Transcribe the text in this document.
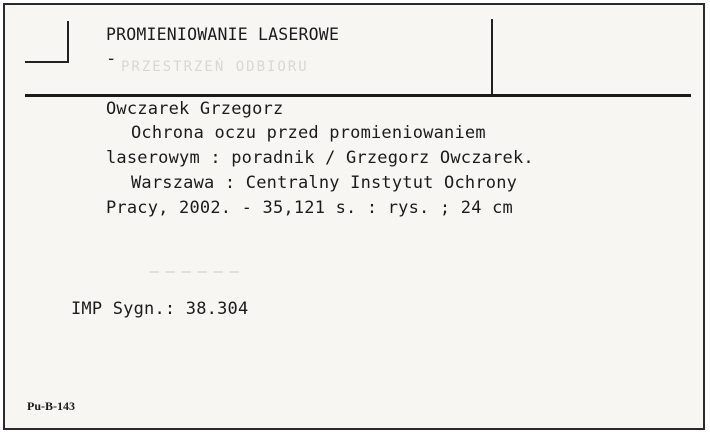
PROMIENIOWANIE LASEROWE
- PRZESTRZEŃ ODBIORU
Owczarek Grzegorz
Ochrona oczu przed promieniowaniem
laserowym : poradnik / Grzegorz Owczarek.
Warszawa : Centralny Instytut Ochrony
Pracy, 2002. - 35,121 s. : rys. ; 24 cm
IMP Sygn.: 38.304
Pu-B-143
